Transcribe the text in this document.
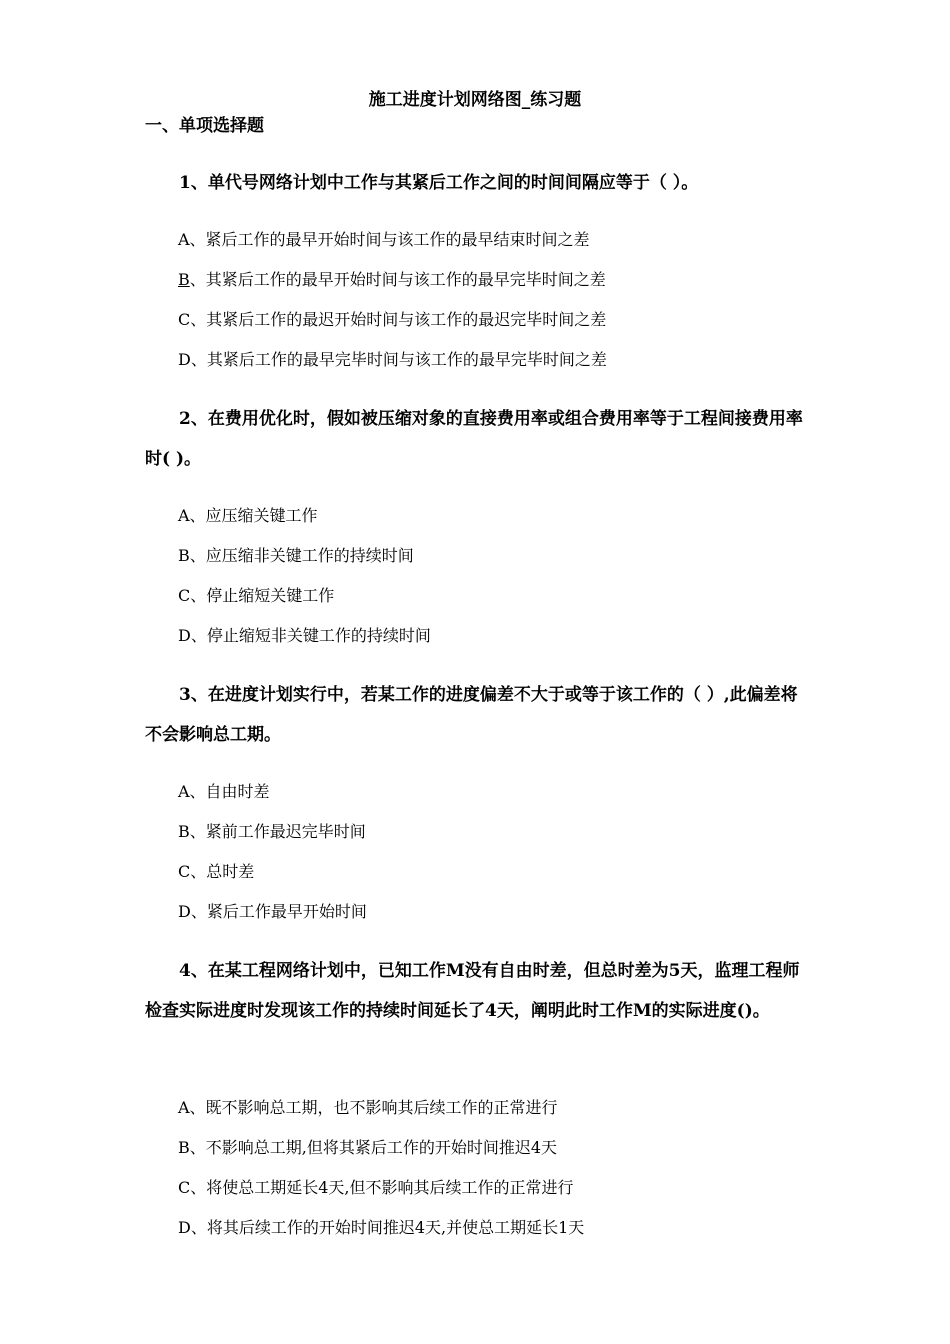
施工进度计划网络图_练习题
一、单项选择题

1、单代号网络计划中工作与其紧后工作之间的时间间隔应等于（ ）。

A、紧后工作的最早开始时间与该工作的最早结束时间之差
B、其紧后工作的最早开始时间与该工作的最早完毕时间之差
C、其紧后工作的最迟开始时间与该工作的最迟完毕时间之差
D、其紧后工作的最早完毕时间与该工作的最早完毕时间之差

2、在费用优化时，假如被压缩对象的直接费用率或组合费用率等于工程间接费用率时( )。

A、应压缩关键工作
B、应压缩非关键工作的持续时间
C、停止缩短关键工作
D、停止缩短非关键工作的持续时间

3、在进度计划实行中，若某工作的进度偏差不大于或等于该工作的（ ）,此偏差将不会影响总工期。

A、自由时差
B、紧前工作最迟完毕时间
C、总时差
D、紧后工作最早开始时间

4、在某工程网络计划中，已知工作M没有自由时差，但总时差为5天，监理工程师检查实际进度时发现该工作的持续时间延长了4天，阐明此时工作M的实际进度()。

A、既不影响总工期，也不影响其后续工作的正常进行
B、不影响总工期,但将其紧后工作的开始时间推迟4天
C、将使总工期延长4天,但不影响其后续工作的正常进行
D、将其后续工作的开始时间推迟4天,并使总工期延长1天
